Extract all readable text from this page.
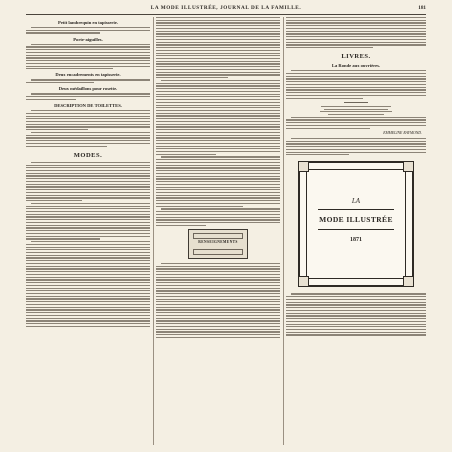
LA MODE ILLUSTRÉE, JOURNAL DE LA FAMILLE.	181
Petit lambrequin en tapisserie.
Porte-aiguilles.
Deux encadrements en tapisserie.
Deux médaillons pour rosette.
DESCRIPTION DE TOILETTES.
MODES.
RENSEIGNEMENTS
LIVRES.
La Ronde aux ouvrières.
EMMELINE RAYMOND.
LA
MODE ILLUSTRÉE
1871
